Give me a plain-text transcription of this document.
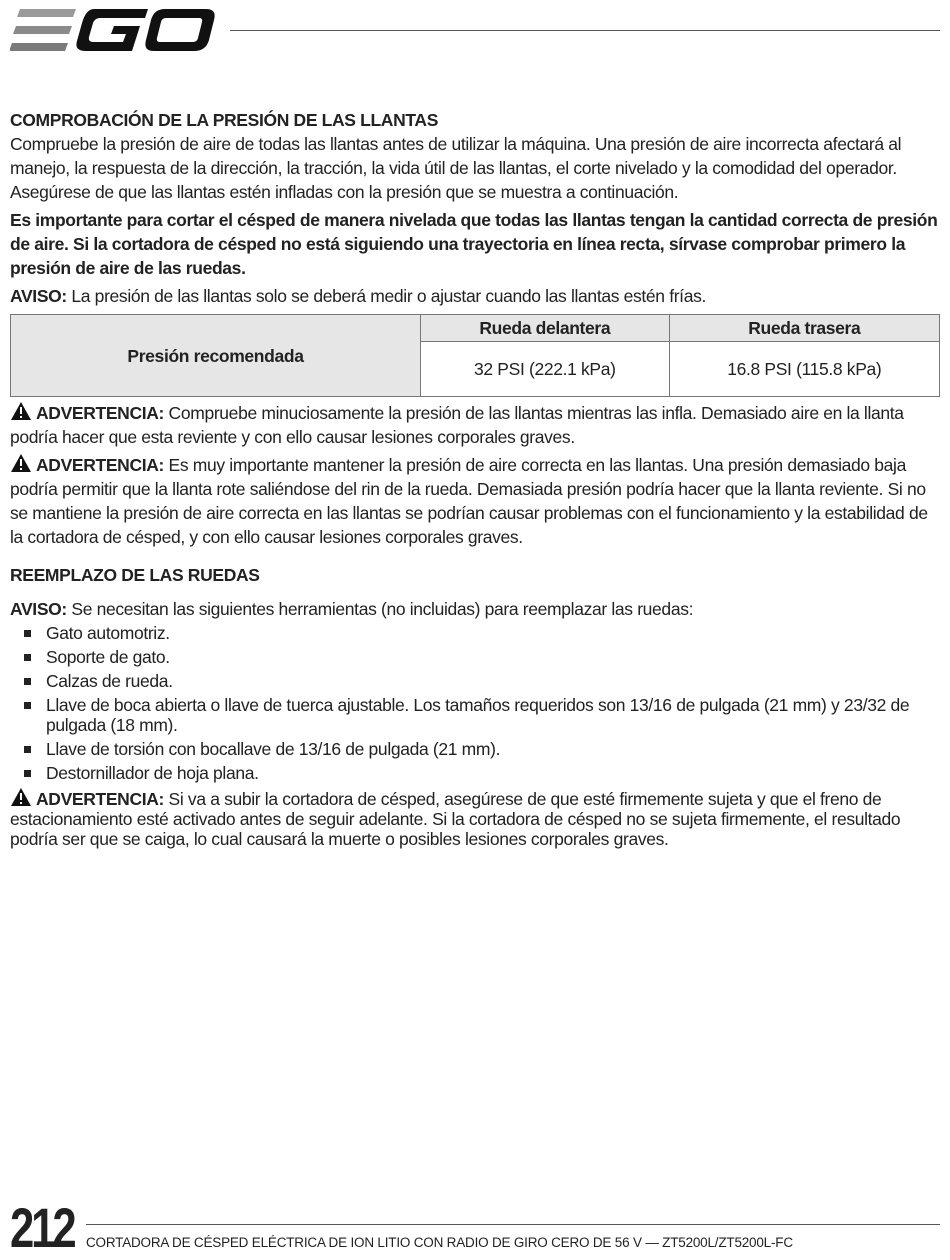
EGO

COMPROBACIÓN DE LA PRESIÓN DE LAS LLANTAS

Compruebe la presión de aire de todas las llantas antes de utilizar la máquina. Una presión de aire incorrecta afectará al manejo, la respuesta de la dirección, la tracción, la vida útil de las llantas, el corte nivelado y la comodidad del operador. Asegúrese de que las llantas estén infladas con la presión que se muestra a continuación.

Es importante para cortar el césped de manera nivelada que todas las llantas tengan la cantidad correcta de presión de aire. Si la cortadora de césped no está siguiendo una trayectoria en línea recta, sírvase comprobar primero la presión de aire de las ruedas.

AVISO: La presión de las llantas solo se deberá medir o ajustar cuando las llantas estén frías.

Presión recomendada	Rueda delantera	Rueda trasera
	32 PSI (222.1 kPa)	16.8 PSI (115.8 kPa)

ADVERTENCIA: Compruebe minuciosamente la presión de las llantas mientras las infla. Demasiado aire en la llanta podría hacer que esta reviente y con ello causar lesiones corporales graves.

ADVERTENCIA: Es muy importante mantener la presión de aire correcta en las llantas. Una presión demasiado baja podría permitir que la llanta rote saliéndose del rin de la rueda. Demasiada presión podría hacer que la llanta reviente. Si no se mantiene la presión de aire correcta en las llantas se podrían causar problemas con el funcionamiento y la estabilidad de la cortadora de césped, y con ello causar lesiones corporales graves.

REEMPLAZO DE LAS RUEDAS

AVISO: Se necesitan las siguientes herramientas (no incluidas) para reemplazar las ruedas:

Gato automotriz.
Soporte de gato.
Calzas de rueda.
Llave de boca abierta o llave de tuerca ajustable. Los tamaños requeridos son 13/16 de pulgada (21 mm) y 23/32 de pulgada (18 mm).
Llave de torsión con bocallave de 13/16 de pulgada (21 mm).
Destornillador de hoja plana.

ADVERTENCIA: Si va a subir la cortadora de césped, asegúrese de que esté firmemente sujeta y que el freno de estacionamiento esté activado antes de seguir adelante. Si la cortadora de césped no se sujeta firmemente, el resultado podría ser que se caiga, lo cual causará la muerte o posibles lesiones corporales graves.

212 CORTADORA DE CÉSPED ELÉCTRICA DE ION LITIO CON RADIO DE GIRO CERO DE 56 V — ZT5200L/ZT5200L-FC
